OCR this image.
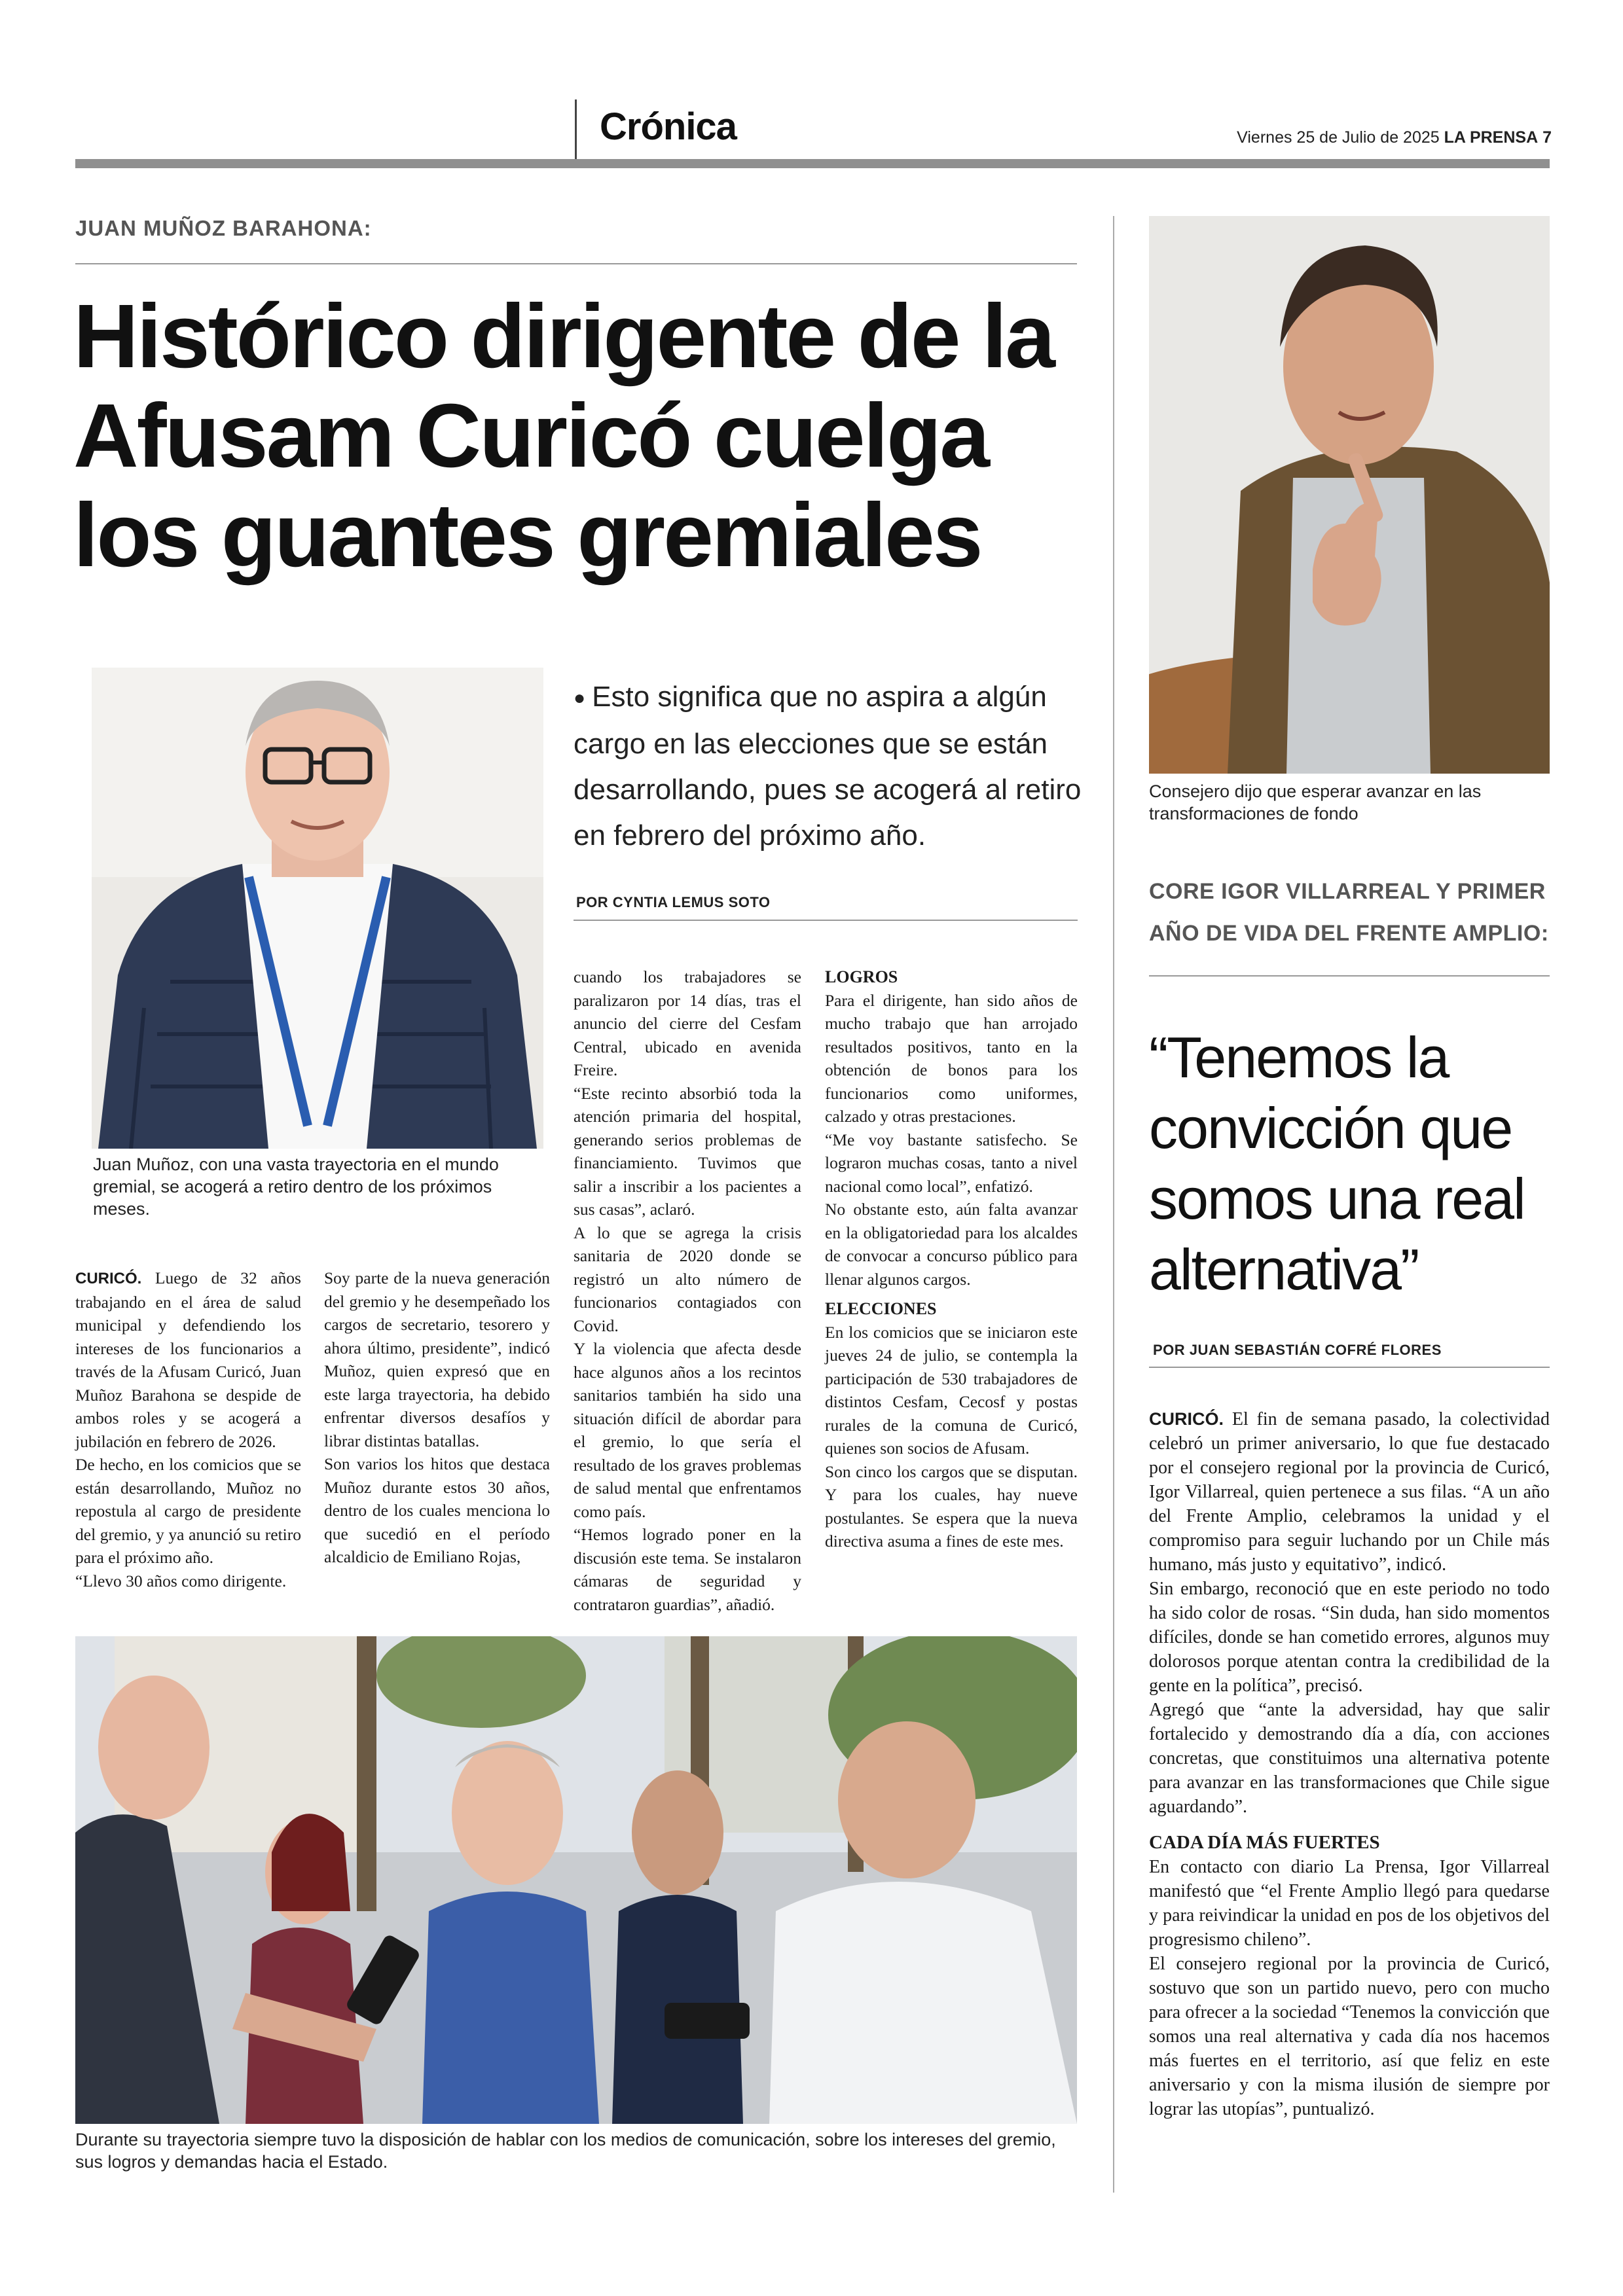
Crónica	Viernes 25 de Julio de 2025 LA PRENSA 7
JUAN MUÑOZ BARAHONA:
Histórico dirigente de la Afusam Curicó cuelga los guantes gremiales
Juan Muñoz, con una vasta trayectoria en el mundo gremial, se acogerá a retiro dentro de los próximos meses.
● Esto significa que no aspira a algún cargo en las elecciones que se están desarrollando, pues se acogerá al retiro en febrero del próximo año.
POR CYNTIA LEMUS SOTO

cuando los trabajadores se paralizaron por 14 días, tras el anuncio del cierre del Cesfam Central, ubicado en avenida Freire.

“Este recinto absorbió toda la atención primaria del hospital, generando serios problemas de financiamiento. Tuvimos que salir a inscribir a los pacientes a sus casas”, aclaró.

A lo que se agrega la crisis sanitaria de 2020 donde se registró un alto número de funcionarios contagiados con Covid.

Y la violencia que afecta desde hace algunos años a los recintos sanitarios también ha sido una situación difícil de abordar para el gremio, lo que sería el resultado de los graves problemas de salud mental que enfrentamos como país.

“Hemos logrado poner en la discusión este tema. Se instalaron cámaras de seguridad y contrataron guardias”, añadió.

LOGROS

Para el dirigente, han sido años de mucho trabajo que han arrojado resultados positivos, tanto en la obtención de bonos para los funcionarios como uniformes, calzado y otras prestaciones.

“Me voy bastante satisfecho. Se lograron muchas cosas, tanto a nivel nacional como local”, enfatizó.

No obstante esto, aún falta avanzar en la obligatoriedad para los alcaldes de convocar a concurso público para llenar algunos cargos.

ELECCIONES

En los comicios que se iniciaron este jueves 24 de julio, se contempla la participación de 530 trabajadores de distintos Cesfam, Cecosf y postas rurales de la comuna de Curicó, quienes son socios de Afusam.

Son cinco los cargos que se disputan. Y para los cuales, hay nueve postulantes. Se espera que la nueva directiva asuma a fines de este mes.

CURICÓ. Luego de 32 años trabajando en el área de salud municipal y defendiendo los intereses de los funcionarios a través de la Afusam Curicó, Juan Muñoz Barahona se despide de ambos roles y se acogerá a jubilación en febrero de 2026.

De hecho, en los comicios que se están desarrollando, Muñoz no repostula al cargo de presidente del gremio, y ya anunció su retiro para el próximo año.

“Llevo 30 años como dirigente.

Soy parte de la nueva generación del gremio y he desempeñado los cargos de secretario, tesorero y ahora último, presidente”, indicó Muñoz, quien expresó que en este larga trayectoria, ha debido enfrentar diversos desafíos y librar distintas batallas.

Son varios los hitos que destaca Muñoz durante estos 30 años, dentro de los cuales menciona lo que sucedió en el período alcaldicio de Emiliano Rojas,

Durante su trayectoria siempre tuvo la disposición de hablar con los medios de comunicación, sobre los intereses del gremio, sus logros y demandas hacia el Estado.
Consejero dijo que esperar avanzar en las transformaciones de fondo
CORE IGOR VILLARREAL Y PRIMER AÑO DE VIDA DEL FRENTE AMPLIO:
“Tenemos la convicción que somos una real alternativa”
POR JUAN SEBASTIÁN COFRÉ FLORES

CURICÓ. El fin de semana pasado, la colectividad celebró un primer aniversario, lo que fue destacado por el consejero regional por la provincia de Curicó, Igor Villarreal, quien pertenece a sus filas. “A un año del Frente Amplio, celebramos la unidad y el compromiso para seguir luchando por un Chile más humano, más justo y equitativo”, indicó.

Sin embargo, reconoció que en este periodo no todo ha sido color de rosas. “Sin duda, han sido momentos difíciles, donde se han cometido errores, algunos muy dolorosos porque atentan contra la credibilidad de la gente en la política”, precisó.

Agregó que “ante la adversidad, hay que salir fortalecido y demostrando día a día, con acciones concretas, que constituimos una alternativa potente para avanzar en las transformaciones que Chile sigue aguardando”.

CADA DÍA MÁS FUERTES

En contacto con diario La Prensa, Igor Villarreal manifestó que “el Frente Amplio llegó para quedarse y para reivindicar la unidad en pos de los objetivos del progresismo chileno”.

El consejero regional por la provincia de Curicó, sostuvo que son un partido nuevo, pero con mucho para ofrecer a la sociedad “Tenemos la convicción que somos una real alternativa y cada día nos hacemos más fuertes en el territorio, así que feliz en este aniversario y con la misma ilusión de siempre por lograr las utopías”, puntualizó.
